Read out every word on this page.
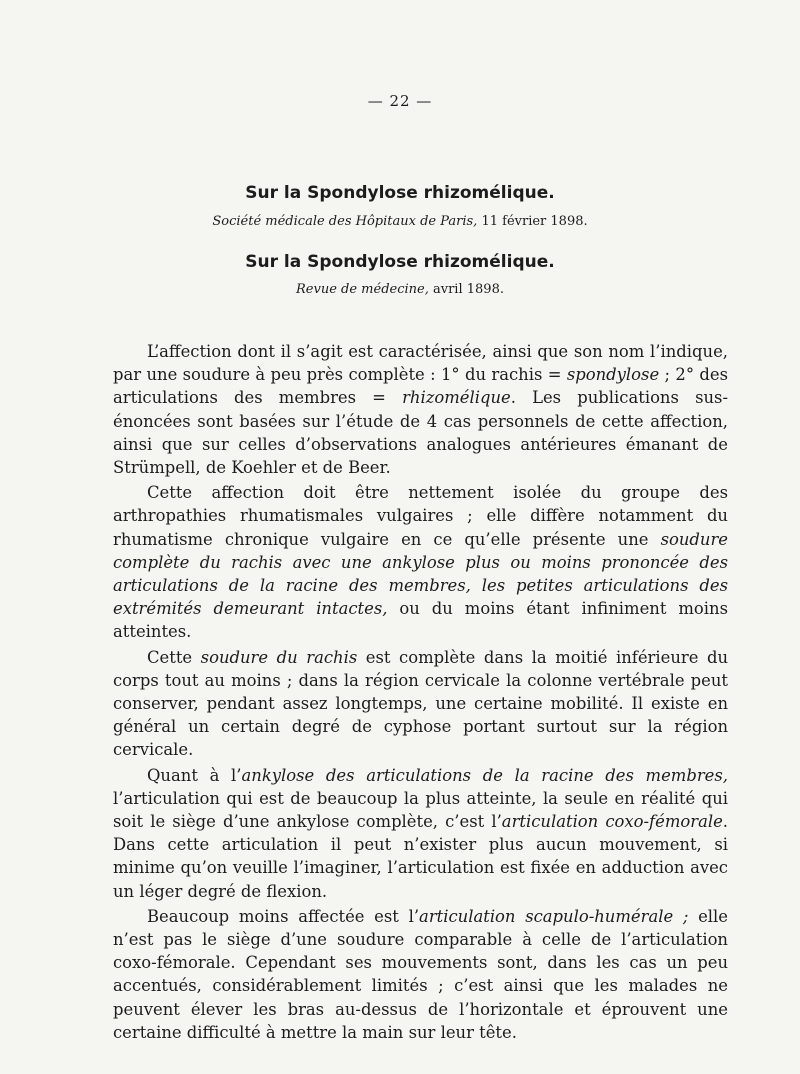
— 22 —
Sur la Spondylose rhizomélique.
Société médicale des Hôpitaux de Paris, 11 février 1898.
Sur la Spondylose rhizomélique.
Revue de médecine, avril 1898.

L’affection dont il s’agit est caractérisée, ainsi que son nom l’indique, par une soudure à peu près complète : 1° du rachis = spondylose ; 2° des articulations des membres = rhizomélique. Les publications sus-énoncées sont basées sur l’étude de 4 cas personnels de cette affection, ainsi que sur celles d’observations analogues antérieures émanant de Strümpell, de Koehler et de Beer.

Cette affection doit être nettement isolée du groupe des arthropathies rhumatismales vulgaires ; elle diffère notamment du rhumatisme chronique vulgaire en ce qu’elle présente une soudure complète du rachis avec une ankylose plus ou moins prononcée des articulations de la racine des membres, les petites articulations des extrémités demeurant intactes, ou du moins étant infiniment moins atteintes.

Cette soudure du rachis est complète dans la moitié inférieure du corps tout au moins ; dans la région cervicale la colonne vertébrale peut conserver, pendant assez longtemps, une certaine mobilité. Il existe en général un certain degré de cyphose portant surtout sur la région cervicale.

Quant à l’ankylose des articulations de la racine des membres, l’articulation qui est de beaucoup la plus atteinte, la seule en réalité qui soit le siège d’une ankylose complète, c’est l’articulation coxo-fémorale. Dans cette articulation il peut n’exister plus aucun mouvement, si minime qu’on veuille l’imaginer, l’articulation est fixée en adduction avec un léger degré de flexion.

Beaucoup moins affectée est l’articulation scapulo-humérale ; elle n’est pas le siège d’une soudure comparable à celle de l’articulation coxo-fémorale. Cependant ses mouvements sont, dans les cas un peu accentués, considérablement limités ; c’est ainsi que les malades ne peuvent élever les bras au-dessus de l’horizontale et éprouvent une certaine difficulté à mettre la main sur leur tête.
